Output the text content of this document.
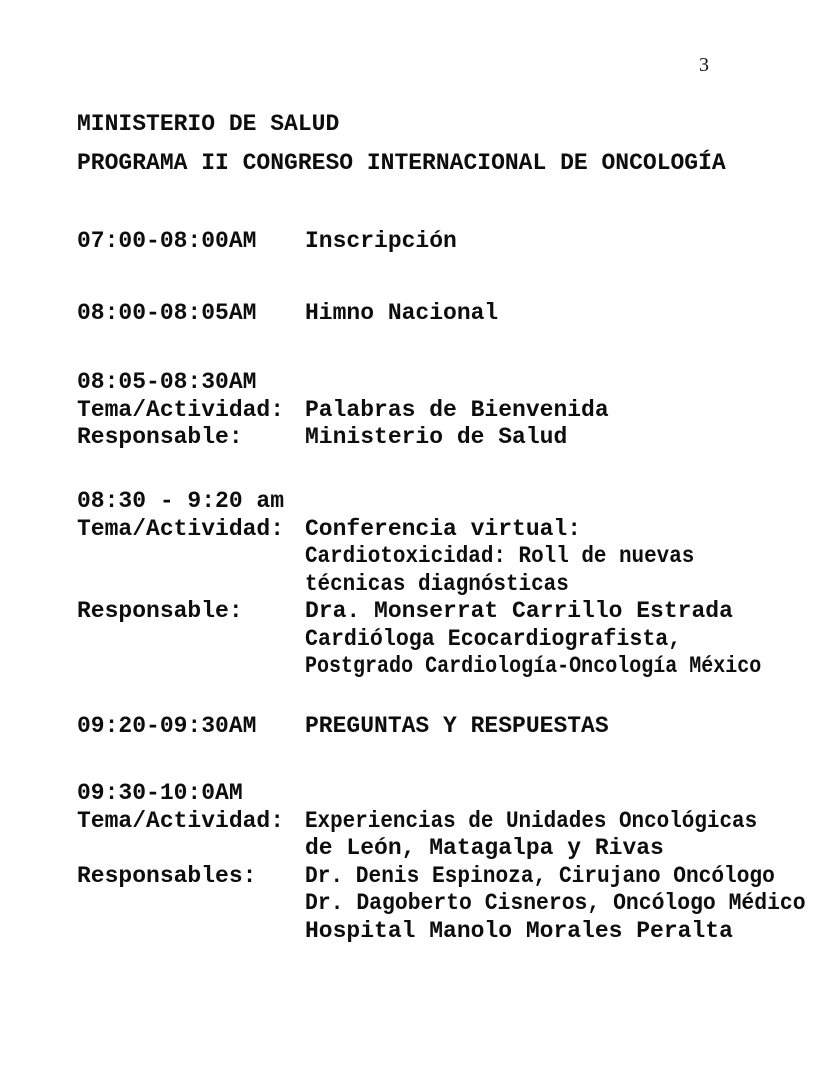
3
MINISTERIO DE SALUD
PROGRAMA II CONGRESO INTERNACIONAL DE ONCOLOGÍA
07:00-08:00AM	Inscripción
08:00-08:05AM	Himno Nacional
08:05-08:30AM
Tema/Actividad: Palabras de Bienvenida
Responsable:	Ministerio de Salud
08:30 - 9:20 am
Tema/Actividad: Conferencia virtual:
Cardiotoxicidad: Roll de nuevas
técnicas diagnósticas
Responsable:	Dra. Monserrat Carrillo Estrada
Cardióloga Ecocardiografista,
Postgrado Cardiología-Oncología México
09:20-09:30AM	PREGUNTAS Y RESPUESTAS
09:30-10:0AM
Tema/Actividad: Experiencias de Unidades Oncológicas
de León, Matagalpa y Rivas
Responsables:	Dr. Denis Espinoza, Cirujano Oncólogo
Dr. Dagoberto Cisneros, Oncólogo Médico
Hospital Manolo Morales Peralta
